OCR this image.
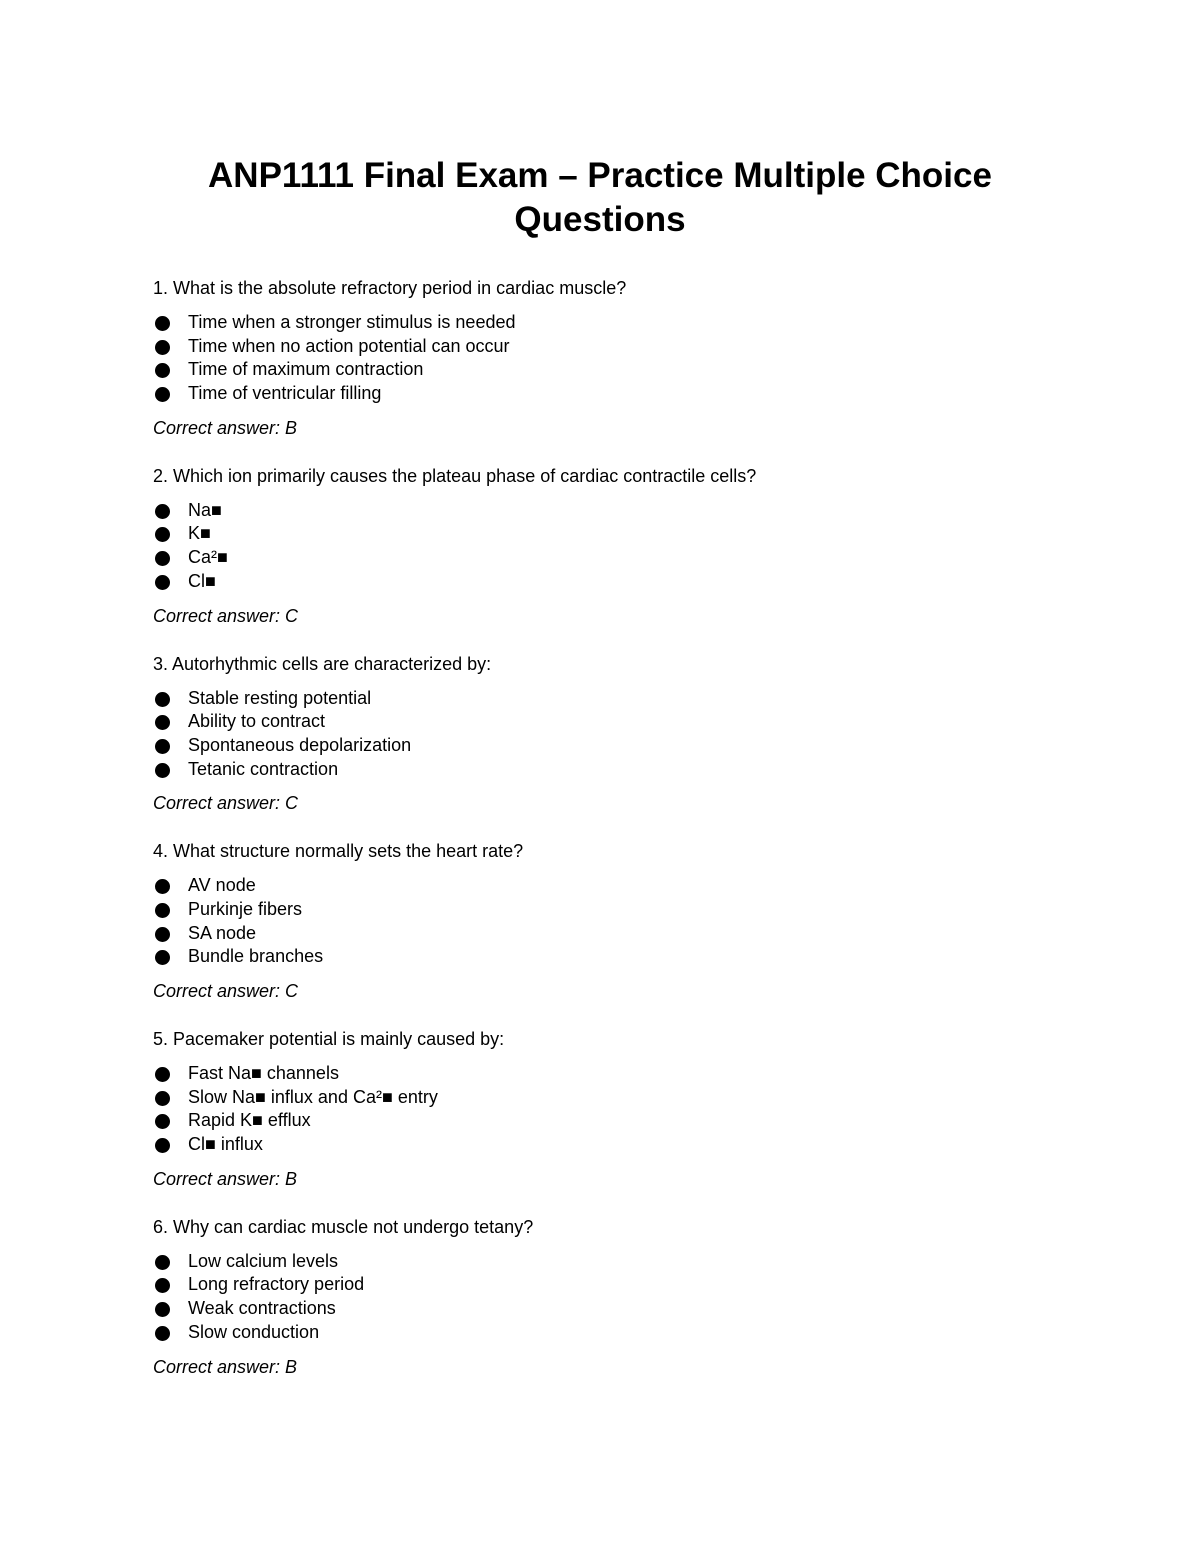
ANP1111 Final Exam – Practice Multiple Choice
Questions

1. What is the absolute refractory period in cardiac muscle?

Time when a stronger stimulus is needed
Time when no action potential can occur
Time of maximum contraction
Time of ventricular filling

Correct answer: B

2. Which ion primarily causes the plateau phase of cardiac contractile cells?

Na■
K■
Ca²■
Cl■

Correct answer: C

3. Autorhythmic cells are characterized by:

Stable resting potential
Ability to contract
Spontaneous depolarization
Tetanic contraction

Correct answer: C

4. What structure normally sets the heart rate?

AV node
Purkinje fibers
SA node
Bundle branches

Correct answer: C

5. Pacemaker potential is mainly caused by:

Fast Na■ channels
Slow Na■ influx and Ca²■ entry
Rapid K■ efflux
Cl■ influx

Correct answer: B

6. Why can cardiac muscle not undergo tetany?

Low calcium levels
Long refractory period
Weak contractions
Slow conduction

Correct answer: B
